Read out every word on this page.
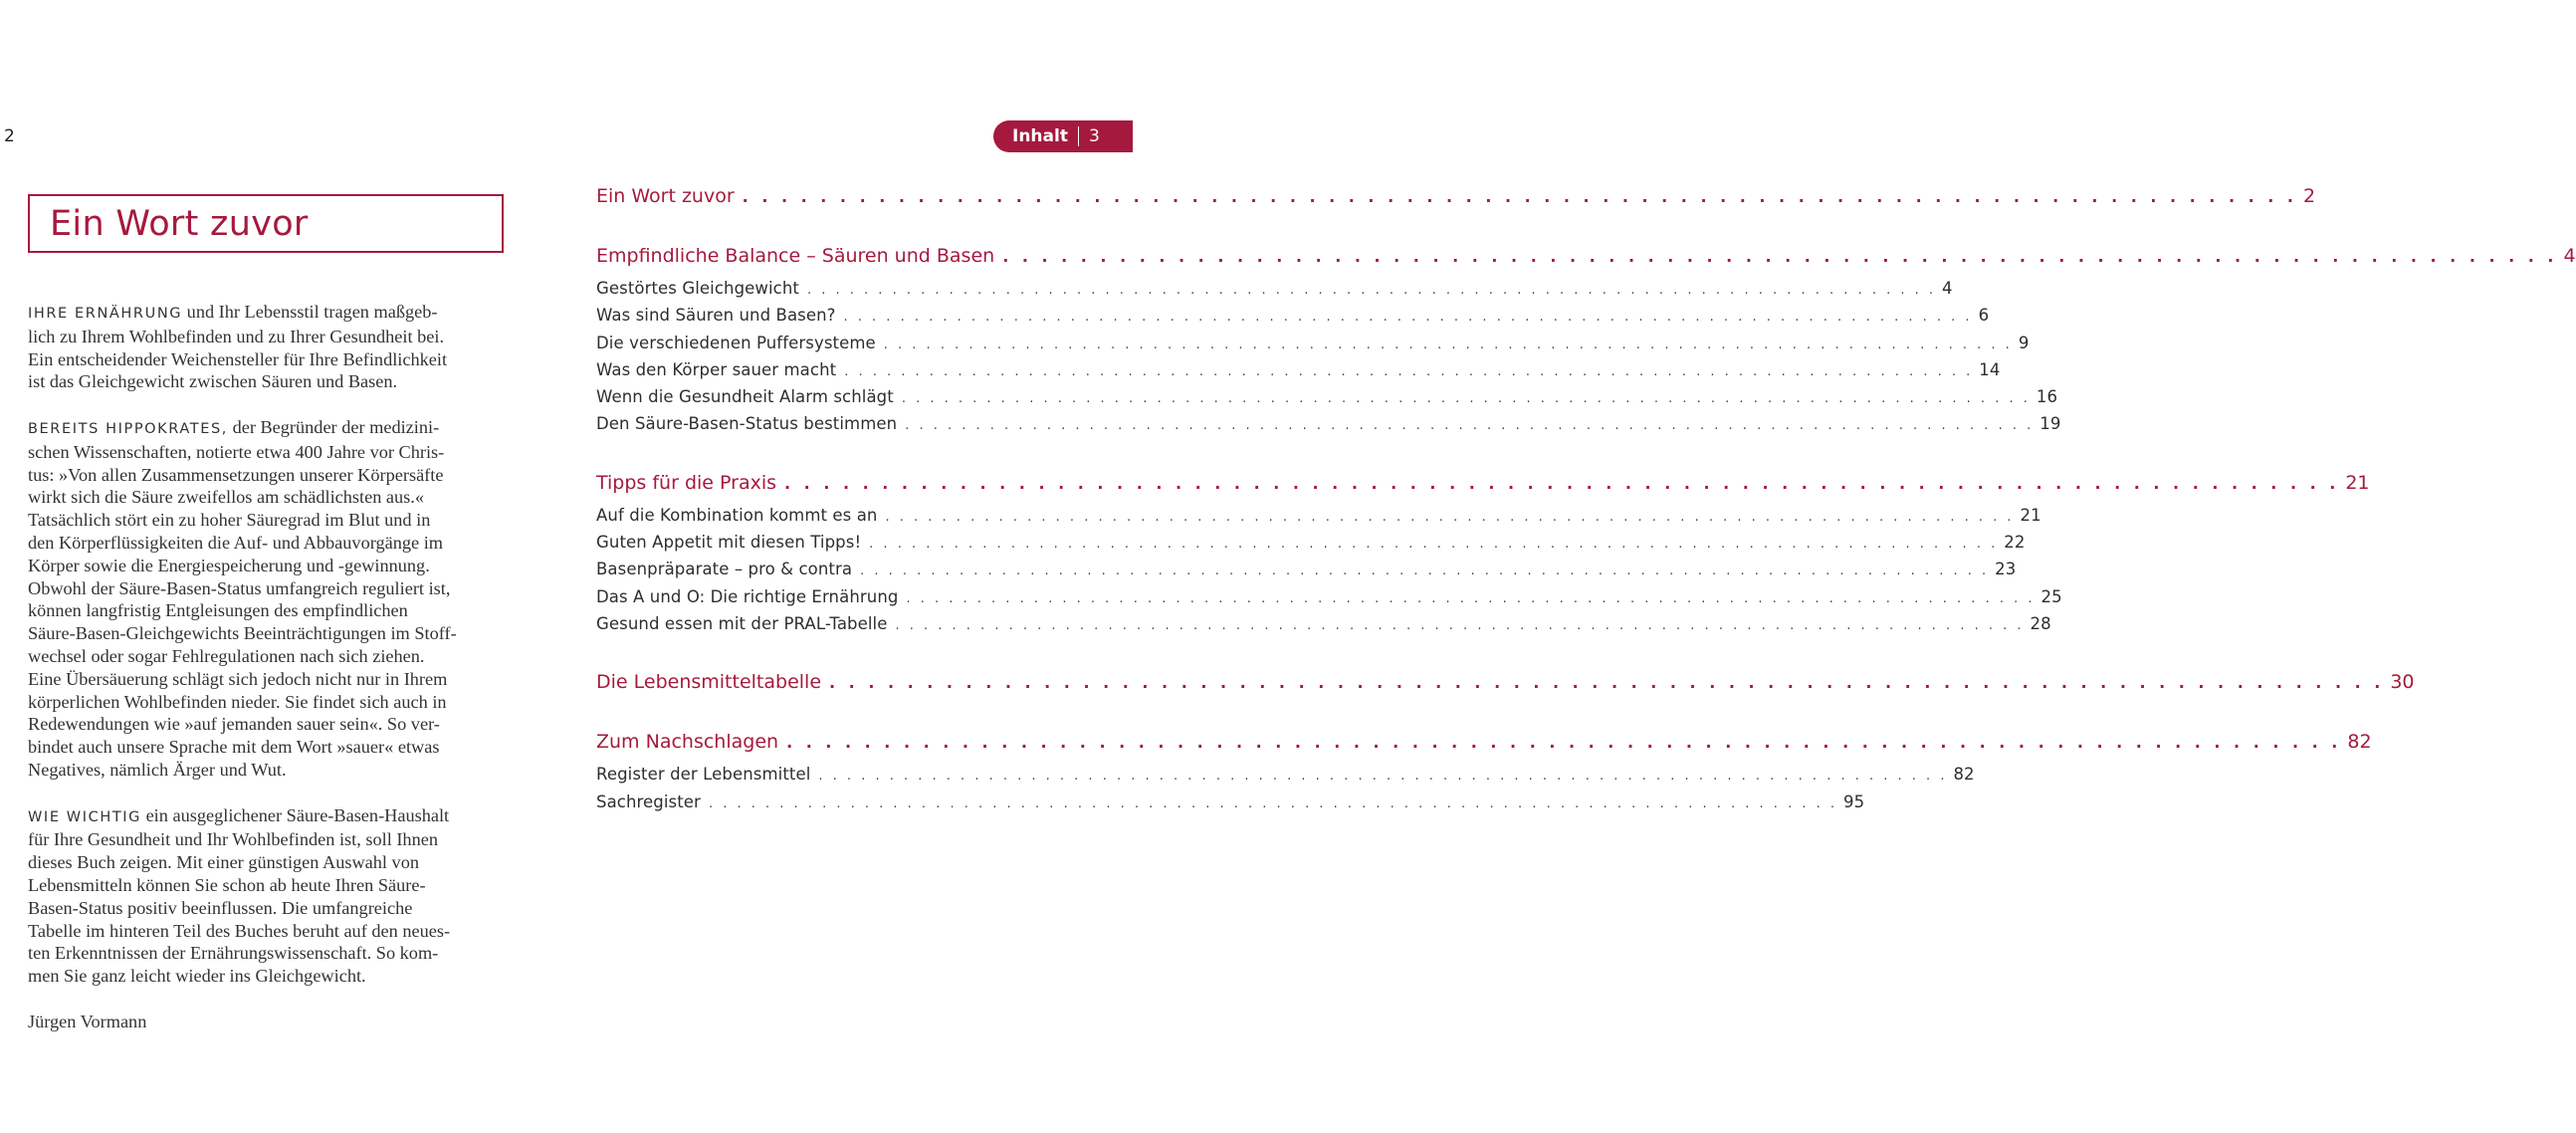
2	Inhalt 3
Ein Wort zuvor

IHRE ERNÄHRUNG und Ihr Lebensstil tragen maßgeb-
lich zu Ihrem Wohlbefinden und zu Ihrer Gesundheit bei.
Ein entscheidender Weichensteller für Ihre Befindlichkeit
ist das Gleichgewicht zwischen Säuren und Basen.

BEREITS HIPPOKRATES, der Begründer der medizini-
schen Wissenschaften, notierte etwa 400 Jahre vor Chris-
tus: »Von allen Zusammensetzungen unserer Körpersäfte
wirkt sich die Säure zweifellos am schädlichsten aus.«
Tatsächlich stört ein zu hoher Säuregrad im Blut und in
den Körperflüssigkeiten die Auf- und Abbauvorgänge im
Körper sowie die Energiespeicherung und -gewinnung.
Obwohl der Säure-Basen-Status umfangreich reguliert ist,
können langfristig Entgleisungen des empfindlichen
Säure-Basen-Gleichgewichts Beeinträchtigungen im Stoff-
wechsel oder sogar Fehlregulationen nach sich ziehen.
Eine Übersäuerung schlägt sich jedoch nicht nur in Ihrem
körperlichen Wohlbefinden nieder. Sie findet sich auch in
Redewendungen wie »auf jemanden sauer sein«. So ver-
bindet auch unsere Sprache mit dem Wort »sauer« etwas
Negatives, nämlich Ärger und Wut.

WIE WICHTIG ein ausgeglichener Säure-Basen-Haushalt
für Ihre Gesundheit und Ihr Wohlbefinden ist, soll Ihnen
dieses Buch zeigen. Mit einer günstigen Auswahl von
Lebensmitteln können Sie schon ab heute Ihren Säure-
Basen-Status positiv beeinflussen. Die umfangreiche
Tabelle im hinteren Teil des Buches beruht auf den neues-
ten Erkenntnissen der Ernährungswissenschaft. So kom-
men Sie ganz leicht wieder ins Gleichgewicht.

Jürgen Vormann

Ein Wort zuvor . . . . . . . . . . . . . . . . . . . . . . . . . . . . . . . . . . . . . . . . . . . . . . . . . . . . . . . . . . . . . . . . . . . . . . . . . . . . . . . . 2
Empfindliche Balance – Säuren und Basen . . . . . . . . . . . . . . . . . . . . . . . . . . . . . . . . . . . . . . . . . . . . . . . . . . . . . . . . . . . . . . . . . . . . . . . . . . . . . . . . 4
Gestörtes Gleichgewicht . . . . . . . . . . . . . . . . . . . . . . . . . . . . . . . . . . . . . . . . . . . . . . . . . . . . . . . . . . . . . . . . . . . . . . . . . . . . . . . . 4
Was sind Säuren und Basen? . . . . . . . . . . . . . . . . . . . . . . . . . . . . . . . . . . . . . . . . . . . . . . . . . . . . . . . . . . . . . . . . . . . . . . . . . . . . . . . . 6
Die verschiedenen Puffersysteme . . . . . . . . . . . . . . . . . . . . . . . . . . . . . . . . . . . . . . . . . . . . . . . . . . . . . . . . . . . . . . . . . . . . . . . . . . . . . . . . 9
Was den Körper sauer macht . . . . . . . . . . . . . . . . . . . . . . . . . . . . . . . . . . . . . . . . . . . . . . . . . . . . . . . . . . . . . . . . . . . . . . . . . . . . . . . . 14
Wenn die Gesundheit Alarm schlägt . . . . . . . . . . . . . . . . . . . . . . . . . . . . . . . . . . . . . . . . . . . . . . . . . . . . . . . . . . . . . . . . . . . . . . . . . . . . . . . . 16
Den Säure-Basen-Status bestimmen . . . . . . . . . . . . . . . . . . . . . . . . . . . . . . . . . . . . . . . . . . . . . . . . . . . . . . . . . . . . . . . . . . . . . . . . . . . . . . . . 19
Tipps für die Praxis . . . . . . . . . . . . . . . . . . . . . . . . . . . . . . . . . . . . . . . . . . . . . . . . . . . . . . . . . . . . . . . . . . . . . . . . . . . . . . . . 21
Auf die Kombination kommt es an . . . . . . . . . . . . . . . . . . . . . . . . . . . . . . . . . . . . . . . . . . . . . . . . . . . . . . . . . . . . . . . . . . . . . . . . . . . . . . . . 21
Guten Appetit mit diesen Tipps! . . . . . . . . . . . . . . . . . . . . . . . . . . . . . . . . . . . . . . . . . . . . . . . . . . . . . . . . . . . . . . . . . . . . . . . . . . . . . . . . 22
Basenpräparate – pro & contra . . . . . . . . . . . . . . . . . . . . . . . . . . . . . . . . . . . . . . . . . . . . . . . . . . . . . . . . . . . . . . . . . . . . . . . . . . . . . . . . 23
Das A und O: Die richtige Ernährung . . . . . . . . . . . . . . . . . . . . . . . . . . . . . . . . . . . . . . . . . . . . . . . . . . . . . . . . . . . . . . . . . . . . . . . . . . . . . . . . 25
Gesund essen mit der PRAL-Tabelle . . . . . . . . . . . . . . . . . . . . . . . . . . . . . . . . . . . . . . . . . . . . . . . . . . . . . . . . . . . . . . . . . . . . . . . . . . . . . . . . 28
Die Lebensmitteltabelle . . . . . . . . . . . . . . . . . . . . . . . . . . . . . . . . . . . . . . . . . . . . . . . . . . . . . . . . . . . . . . . . . . . . . . . . . . . . . . . . 30
Zum Nachschlagen . . . . . . . . . . . . . . . . . . . . . . . . . . . . . . . . . . . . . . . . . . . . . . . . . . . . . . . . . . . . . . . . . . . . . . . . . . . . . . . . 82
Register der Lebensmittel . . . . . . . . . . . . . . . . . . . . . . . . . . . . . . . . . . . . . . . . . . . . . . . . . . . . . . . . . . . . . . . . . . . . . . . . . . . . . . . . 82
Sachregister . . . . . . . . . . . . . . . . . . . . . . . . . . . . . . . . . . . . . . . . . . . . . . . . . . . . . . . . . . . . . . . . . . . . . . . . . . . . . . . . 95
